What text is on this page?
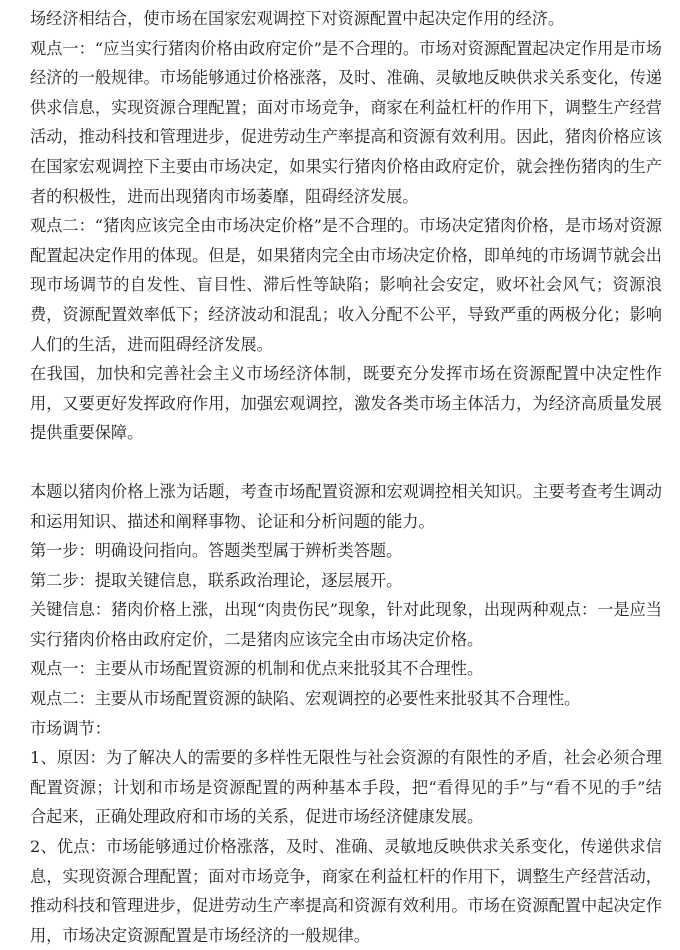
场经济相结合，使市场在国家宏观调控下对资源配置中起决定作用的经济。

观点一：“应当实行猪肉价格由政府定价”是不合理的。市场对资源配置起决定作用是市场经济的一般规律。市场能够通过价格涨落，及时、准确、灵敏地反映供求关系变化，传递供求信息，实现资源合理配置；面对市场竞争，商家在利益杠杆的作用下，调整生产经营活动，推动科技和管理进步，促进劳动生产率提高和资源有效利用。因此，猪肉价格应该在国家宏观调控下主要由市场决定，如果实行猪肉价格由政府定价，就会挫伤猪肉的生产者的积极性，进而出现猪肉市场萎靡，阻碍经济发展。

观点二：“猪肉应该完全由市场决定价格”是不合理的。市场决定猪肉价格，是市场对资源配置起决定作用的体现。但是，如果猪肉完全由市场决定价格，即单纯的市场调节就会出现市场调节的自发性、盲目性、滞后性等缺陷；影响社会安定，败坏社会风气；资源浪费，资源配置效率低下；经济波动和混乱；收入分配不公平，导致严重的两极分化；影响人们的生活，进而阻碍经济发展。

在我国，加快和完善社会主义市场经济体制，既要充分发挥市场在资源配置中决定性作用，又要更好发挥政府作用，加强宏观调控，激发各类市场主体活力，为经济高质量发展提供重要保障。

本题以猪肉价格上涨为话题，考查市场配置资源和宏观调控相关知识。主要考查考生调动和运用知识、描述和阐释事物、论证和分析问题的能力。

第一步：明确设问指向。答题类型属于辨析类答题。

第二步：提取关键信息，联系政治理论，逐层展开。

关键信息：猪肉价格上涨，出现“肉贵伤民”现象，针对此现象，出现两种观点：一是应当实行猪肉价格由政府定价，二是猪肉应该完全由市场决定价格。

观点一：主要从市场配置资源的机制和优点来批驳其不合理性。

观点二：主要从市场配置资源的缺陷、宏观调控的必要性来批驳其不合理性。

市场调节：

1、原因：为了解决人的需要的多样性无限性与社会资源的有限性的矛盾，社会必须合理配置资源；计划和市场是资源配置的两种基本手段，把“看得见的手”与“看不见的手”结合起来，正确处理政府和市场的关系，促进市场经济健康发展。

2、优点：市场能够通过价格涨落，及时、准确、灵敏地反映供求关系变化，传递供求信息，实现资源合理配置；面对市场竞争，商家在利益杠杆的作用下，调整生产经营活动，推动科技和管理进步，促进劳动生产率提高和资源有效利用。市场在资源配置中起决定作用，市场决定资源配置是市场经济的一般规律。
